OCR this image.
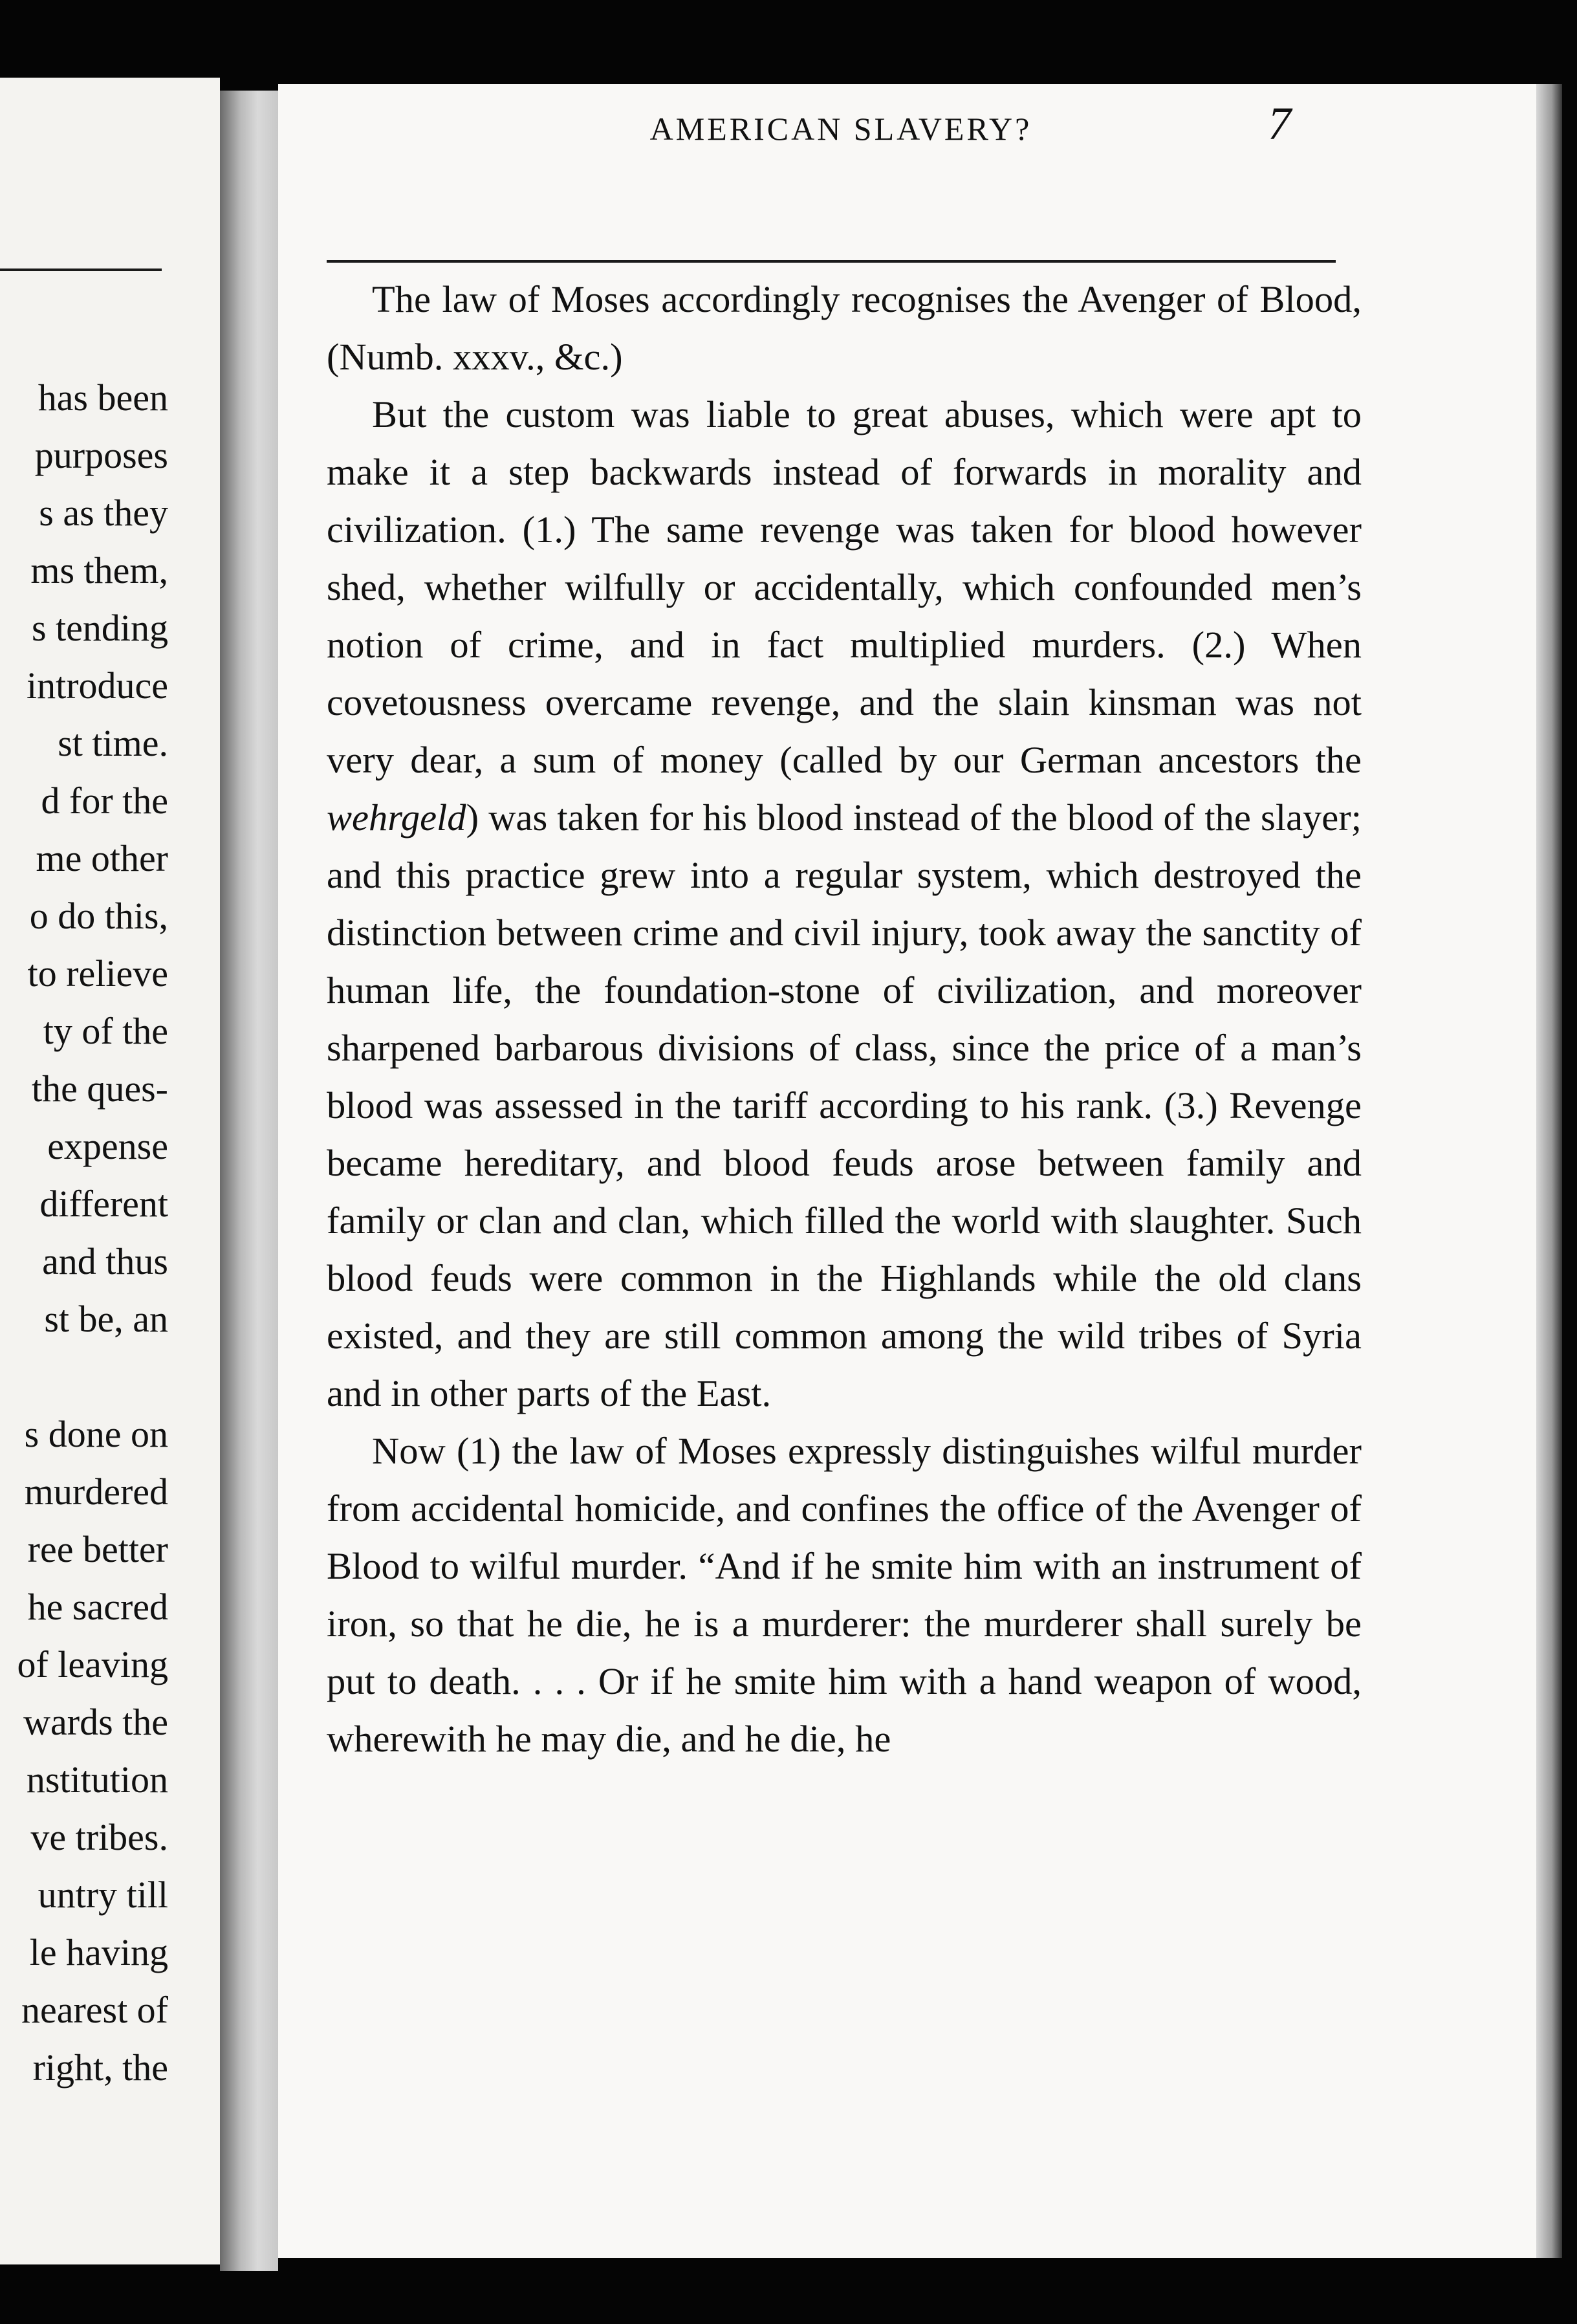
has been
purposes
s as they
ms them,
s tending
introduce
st time.
d for the
me other
o do this,
to relieve
ty of the
the ques-
expense
different
and thus
st be, an
s done on
murdered
ree better
he sacred
of leaving
wards the
nstitution
ve tribes.
untry till
le having
nearest of
right, the
AMERICAN SLAVERY?	7

The law of Moses accordingly recognises the Avenger of Blood, (Numb. xxxv., &c.)

But the custom was liable to great abuses, which were apt to make it a step backwards instead of forwards in morality and civilization. (1.) The same revenge was taken for blood however shed, whether wilfully or accidentally, which confounded men’s notion of crime, and in fact multiplied murders. (2.) When covetousness overcame revenge, and the slain kinsman was not very dear, a sum of money (called by our German ancestors the wehrgeld) was taken for his blood instead of the blood of the slayer; and this practice grew into a regular system, which destroyed the distinction between crime and civil injury, took away the sanctity of human life, the foundation-stone of civilization, and moreover sharpened barbarous divisions of class, since the price of a man’s blood was assessed in the tariff according to his rank. (3.) Revenge became hereditary, and blood feuds arose between family and family or clan and clan, which filled the world with slaughter. Such blood feuds were common in the Highlands while the old clans existed, and they are still common among the wild tribes of Syria and in other parts of the East.

Now (1) the law of Moses expressly distinguishes wilful murder from accidental homicide, and confines the office of the Avenger of Blood to wilful murder. “And if he smite him with an instrument of iron, so that he die, he is a murderer: the murderer shall surely be put to death. . . . Or if he smite him with a hand weapon of wood, wherewith he may die, and he die, he
